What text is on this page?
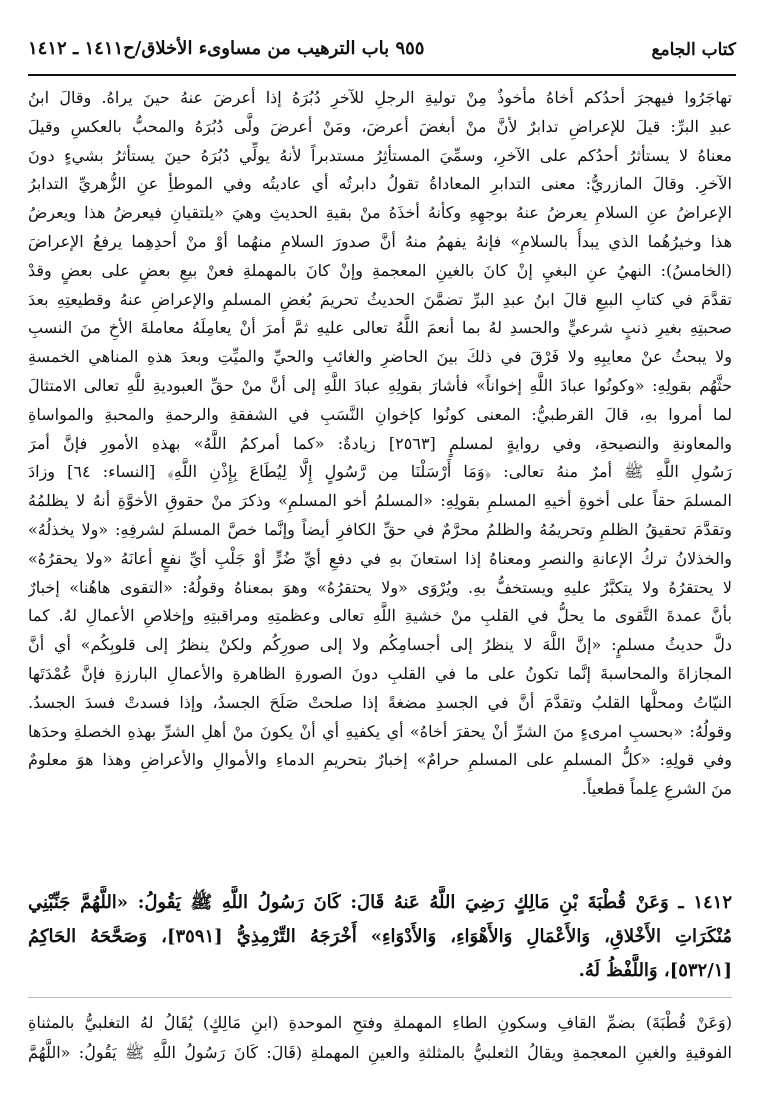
كتاب الجامع
٩٥٥ باب الترهيب من مساوىء الأخلاق/ح١٤١١ ـ ١٤١٢
تهاجَرُوا فيهجرَ أحدُكم أخاهُ مأخوذٌ مِنْ توليةِ الرجلِ للآخرِ دُبُرَهُ إذا أعرضَ عنهُ حينَ يراهُ. وقالَ ابنُ
عبدِ البرِّ: قيلَ للإعراضِ تدابرٌ لأنَّ منْ أبغضَ أعرضَ، ومَنْ أعرضَ ولَّى دُبُرَهُ والمحبُّ بالعكسِ وقيلَ
معناهُ لا يستأثرُ أحدُكم على الآخرِ، وسمِّيَ المستأثِرُ مستدبراً لأنهُ يولِّي دُبُرَهُ حينَ يستأثرُ بشيءٍ دونَ
الآخرِ. وقالَ المازريُّ: معنى التدابرِ المعاداةُ تقولُ دابرتُه أي عاديتُه وفي الموطأِ عنِ الزُّهريِّ التدابرُ
الإعراضُ عنِ السلامِ يعرضُ عنهُ بوجهِهِ وكأنهُ أخذَهُ منْ بقيةِ الحديثِ وهيَ «يلتقيانِ فيعرضُ هذا ويعرضُ
هذا وخيرُهُما الذي يبدأُ بالسلامِ» فإنهُ يفهمُ منهُ أنَّ صدورَ السلامِ منهُما أوْ منْ أحدِهِما يرفعُ الإعراضَ
(الخامسُ): النهيُ عنِ البغيِ إنْ كانَ بالغينِ المعجمةِ وإنْ كانَ بالمهملةِ فعنْ بيعِ بعضٍ على بعضٍ وقدْ
تقدَّمَ في كتابِ البيعِ قالَ ابنُ عبدِ البرِّ تضمَّنَ الحديثُ تحريمَ بُغضِ المسلمِ والإعراضِ عنهُ وقطيعتِهِ بعدَ
صحبتِهِ بغيرِ ذنبٍ شرعيٍّ والحسدِ لهُ بما أنعمَ اللَّهُ تعالى عليهِ ثمَّ أمرَ أنْ يعامِلَهُ معاملةَ الأخِ منَ النسبِ
ولا يبحثُ عنْ معايبِهِ ولا فَرْقَ في ذلكَ بينَ الحاضرِ والغائبِ والحيِّ والميِّتِ وبعدَ هذهِ المناهي الخمسةِ
حثَّهُم بقولِهِ: «وكونُوا عبادَ اللَّهِ إخواناً» فأشارَ بقولِهِ عبادَ اللَّهِ إلى أنَّ منْ حقِّ العبوديةِ للَّهِ تعالى الامتثالَ
لما أمروا بهِ، قالَ القرطبيُّ: المعنى كونُوا كإخوانِ النَّسَبِ في الشفقةِ والرحمةِ والمحبةِ والمواساةِ
والمعاونةِ والنصيحةِ، وفي روايةٍ لمسلمٍ [٢٥٦٣] زيادةٌ: «كما أمركمُ اللَّهُ» بهذهِ الأمورِ فإنَّ أمرَ
رَسُولِ اللَّهِ ﷺ أمرٌ منهُ تعالى: ﴿وَمَا أَرْسَلْنَا مِن رَّسُولٍ إِلَّا لِيُطَاعَ بِإِذْنِ اللَّهِ﴾ [النساء: ٦٤] وزادَ
المسلمَ حقاً على أخوةِ أخيهِ المسلمِ بقولِهِ: «المسلمُ أخو المسلمِ» وذكرَ منْ حقوقِ الأخوَّةِ أنهُ لا يظلمُهُ
وتقدَّمَ تحقيقُ الظلمِ وتحريمُهُ والظلمُ محرَّمٌ في حقِّ الكافرِ أيضاً وإنَّما خصَّ المسلمَ لشرفِهِ: «ولا يخذلُهُ»
والخذلانُ تركُ الإعانةِ والنصرِ ومعناهُ إذا استعانَ بهِ في دفعِ أيِّ ضُرٍّ أوْ جَلْبِ أيِّ نفعٍ أعانَهُ «ولا يحقرُهُ»
لا يحتقرُهُ ولا يتكبَّرُ عليهِ ويستخفُّ بهِ. ويُرْوَى «ولا يحتقرُهُ» وهوَ بمعناهُ وقولُهُ: «التقوى هاهُنا» إخبارٌ
بأنَّ عمدةَ التَّقوى ما يحلُّ في القلبِ منْ خشيةِ اللَّهِ تعالى وعظمتِهِ ومراقبتِهِ وإخلاصِ الأعمالِ لهُ. كما
دلَّ حديثُ مسلمٍ: «إنَّ اللَّهَ لا ينظرُ إلى أجسامِكُم ولا إلى صورِكُم ولكنْ ينظرُ إلى قلوبِكُم» أي أنَّ
المجازاةَ والمحاسبةَ إنَّما تكونُ على ما في القلبِ دونَ الصورةِ الظاهرةِ والأعمالِ البارزةِ فإنَّ عُمْدَتَها
النيّاتُ ومحلُّها القلبُ وتقدَّمَ أنَّ في الجسدِ مضغةً إذا صلحتْ صَلَحَ الجسدُ، وإذا فسدتْ فسدَ الجسدُ.
وقولُهُ: «بحسبِ امرىءٍ منَ الشرِّ أنْ يحقرَ أخاهُ» أي يكفيهِ أي أنْ يكونَ منْ أهلِ الشرِّ بهذهِ الخصلةِ وحدَها
وفي قولِهِ: «كلُّ المسلمِ على المسلمِ حرامٌ» إخبارٌ بتحريمِ الدماءِ والأموالِ والأعراضِ وهذا هوَ معلومٌ
منَ الشرعِ عِلماً قطعياً.
١٤١٢ ـ وَعَنْ قُطْبَةَ بْنِ مَالِكٍ رَضِيَ اللَّهُ عَنهُ قَالَ: كَانَ رَسُولُ اللَّهِ ﷺ يَقُولُ: «اللَّهُمَّ جَنِّبْنِي
مُنْكَرَاتِ الأَخْلاقِ، وَالأَعْمَالِ وَالأَهْوَاءِ، وَالأَدْوَاءِ» أَخْرَجَهُ التِّرْمِذِيُّ [٣٥٩١]، وَصَحَّحَهُ الحَاكِمُ
[٥٣٢/١]، وَاللَّفْظُ لَهُ.
(وَعَنْ قُطْبَةَ) بضمِّ القافِ وسكونِ الطاءِ المهملةِ وفتحِ الموحدةِ (ابنِ مَالِكٍ) يُقَالُ لهُ التغلبيُّ بالمثناةِ
الفوقيةِ والغينِ المعجمةِ ويقالُ الثعلبيُّ بالمثلثةِ والعينِ المهملةِ (قَالَ: كَانَ رَسُولُ اللَّهِ ﷺ يَقُولُ: «اللَّهُمَّ
